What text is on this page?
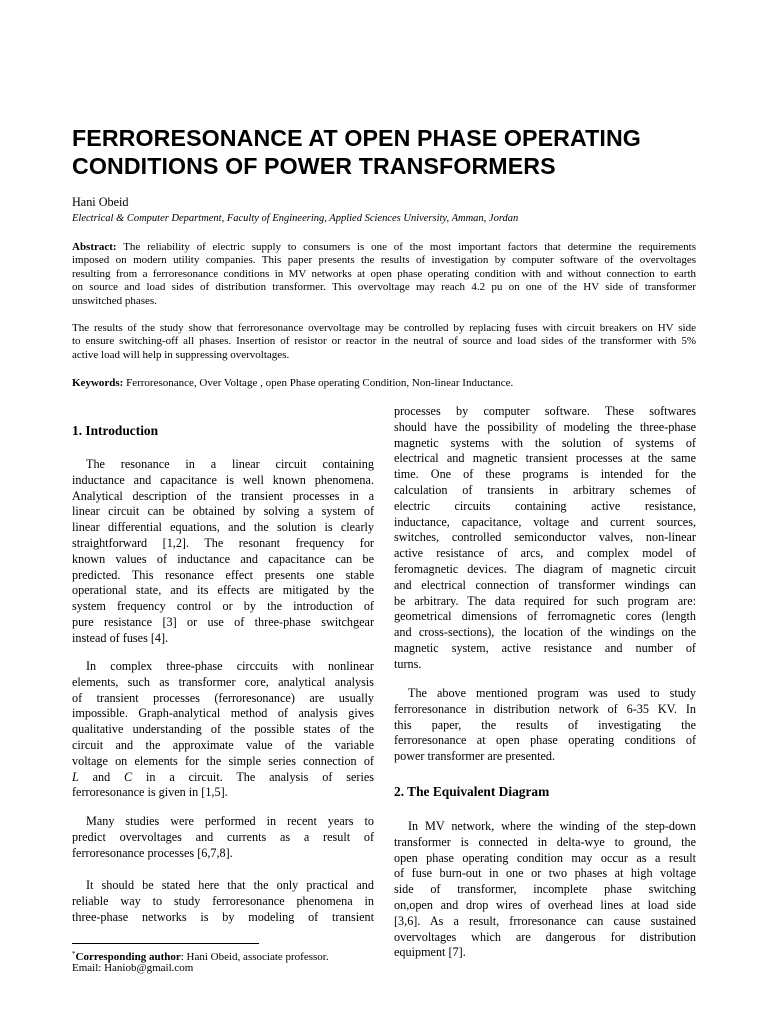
FERRORESONANCE AT OPEN PHASE OPERATING
CONDITIONS OF POWER TRANSFORMERS
Hani Obeid
Electrical & Computer Department, Faculty of Engineering, Applied Sciences University, Amman, Jordan
Abstract: The reliability of electric supply to consumers is one of the most important factors that determine the requirements
imposed on modern utility companies. This paper presents the results of investigation by computer software of the overvoltages
resulting from a ferroresonance conditions in MV networks at open phase operating condition with and without connection to earth
on source and load sides of distribution transformer. This overvoltage may reach 4.2 pu on one of the HV side of transformer
unswitched phases.
The results of the study show that ferroresonance overvoltage may be controlled by replacing fuses with circuit breakers on HV side
to ensure switching-off all phases. Insertion of resistor or reactor in the neutral of source and load sides of the transformer with 5%
active load will help in suppressing overvoltages.
Keywords: Ferroresonance, Over Voltage , open Phase operating Condition, Non-linear Inductance.
1. Introduction
The resonance in a linear circuit containing
inductance and capacitance is well known phenomena.
Analytical description of the transient processes in a
linear circuit can be obtained by solving a system of
linear differential equations, and the solution is clearly
straightforward [1,2]. The resonant frequency for
known values of inductance and capacitance can be
predicted. This resonance effect presents one stable
operational state, and its effects are mitigated by the
system frequency control or by the introduction of
pure resistance [3] or use of three-phase switchgear
instead of fuses [4].
In complex three-phase circcuits with nonlinear
elements, such as transformer core, analytical analysis
of transient processes (ferroresonance) are usually
impossible. Graph-analytical method of analysis gives
qualitative understanding of the possible states of the
circuit and the approximate value of the variable
voltage on elements for the simple series connection of
L and C in a circuit. The analysis of series
ferroresonance is given in [1,5].
Many studies were performed in recent years to
predict overvoltages and currents as a result of
ferroresonance processes [6,7,8].
It should be stated here that the only practical and
reliable way to study ferroresonance phenomena in
three-phase networks is by modeling of transient
*Corresponding author: Hani Obeid, associate professor.
Email: Haniob@gmail.com
processes by computer software. These softwares
should have the possibility of modeling the three-phase
magnetic systems with the solution of systems of
electrical and magnetic transient processes at the same
time. One of these programs is intended for the
calculation of transients in arbitrary schemes of
electric circuits containing active resistance,
inductance, capacitance, voltage and current sources,
switches, controlled semiconductor valves, non-linear
active resistance of arcs, and complex model of
feromagnetic devices. The diagram of magnetic circuit
and electrical connection of transformer windings can
be arbitrary. The data required for such program are:
geometrical dimensions of ferromagnetic cores (length
and cross-sections), the location of the windings on the
magnetic system, active resistance and number of
turns.
The above mentioned program was used to study
ferroresonance in distribution network of 6-35 KV. In
this paper, the results of investigating the
ferroresonance at open phase operating conditions of
power transformer are presented.
2. The Equivalent Diagram
In MV network, where the winding of the step-down
transformer is connected in delta-wye to ground, the
open phase operating condition may occur as a result
of fuse burn-out in one or two phases at high voltage
side of transformer, incomplete phase switching
on,open and drop wires of overhead lines at load side
[3,6]. As a result, frroresonance can cause sustained
overvoltages which are dangerous for distribution
equipment [7].
